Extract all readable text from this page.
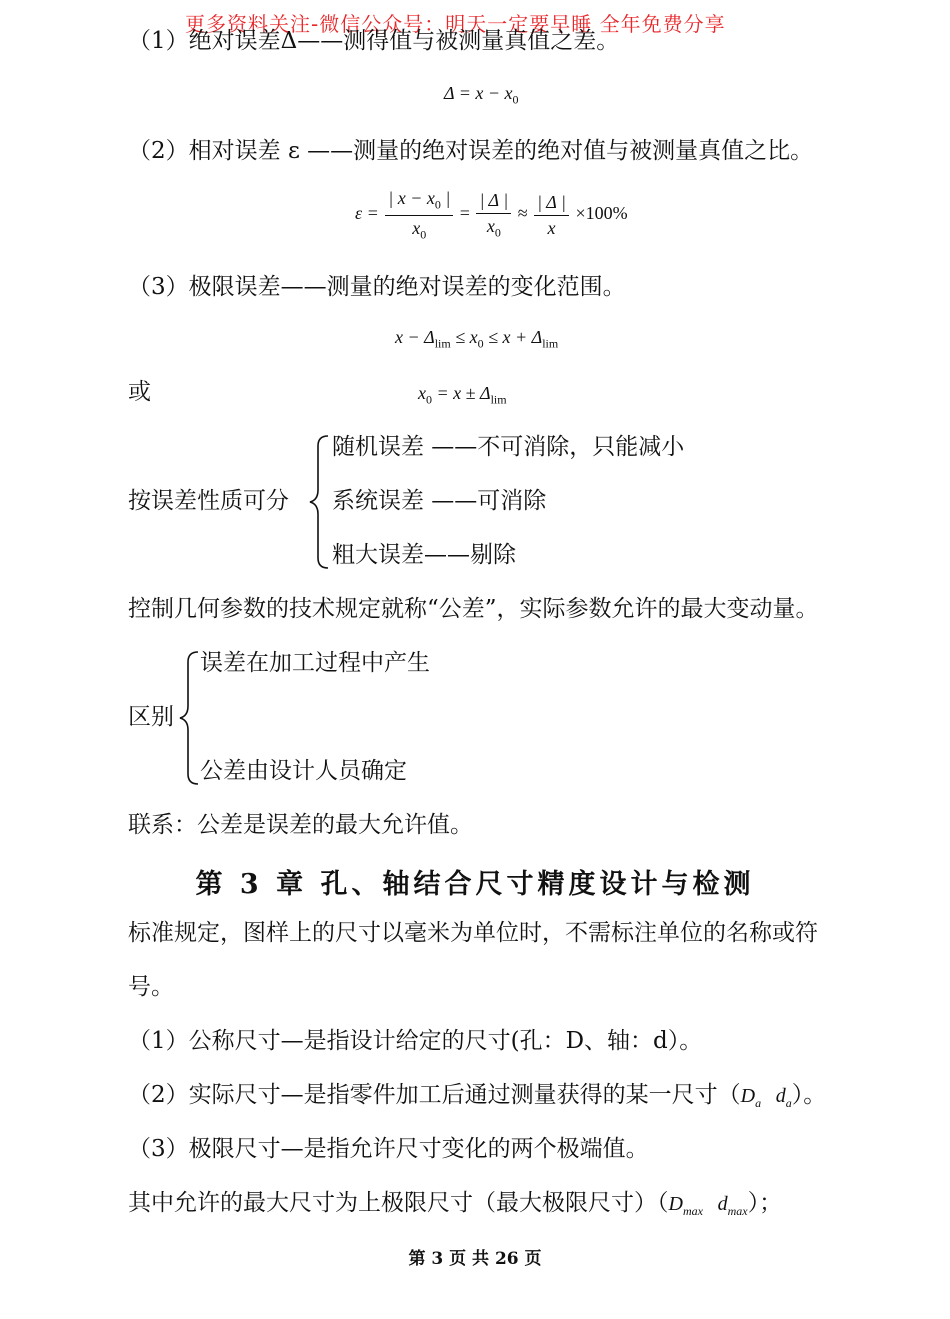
更多资料关注-微信公众号：明天一定要早睡 全年免费分享
（1）绝对误差Δ——测得值与被测量真值之差。
$\Delta = x - x_0$
（2）相对误差 ε ——测量的绝对误差的绝对值与被测量真值之比。
$\varepsilon = \frac{| x - x_0 |}{x_0} = \frac{| \Delta |}{x_0} \approx \frac{| \Delta |}{x} \times 100\%$
（3）极限误差——测量的绝对误差的变化范围。
$x - \Delta_{lim} \le x_0 \le x + \Delta_{lim}$
或	$x_0 = x \pm \Delta_{lim}$
按误差性质可分
随机误差 ——不可消除，只能减小
系统误差 ——可消除
粗大误差——剔除
控制几何参数的技术规定就称“公差”，实际参数允许的最大变动量。
区别
误差在加工过程中产生
公差由设计人员确定
联系：公差是误差的最大允许值。
第 3 章 孔、轴结合尺寸精度设计与检测
标准规定，图样上的尺寸以毫米为单位时，不需标注单位的名称或符
号。
（1）公称尺寸—是指设计给定的尺寸(孔：D、轴：d）。
（2）实际尺寸—是指零件加工后通过测量获得的某一尺寸（$D_a$ $d_a$）。
（3）极限尺寸—是指允许尺寸变化的两个极端值。
其中允许的最大尺寸为上极限尺寸（最大极限尺寸）（$D_{max}$ $d_{max}$）；
第 3 页 共 26 页
